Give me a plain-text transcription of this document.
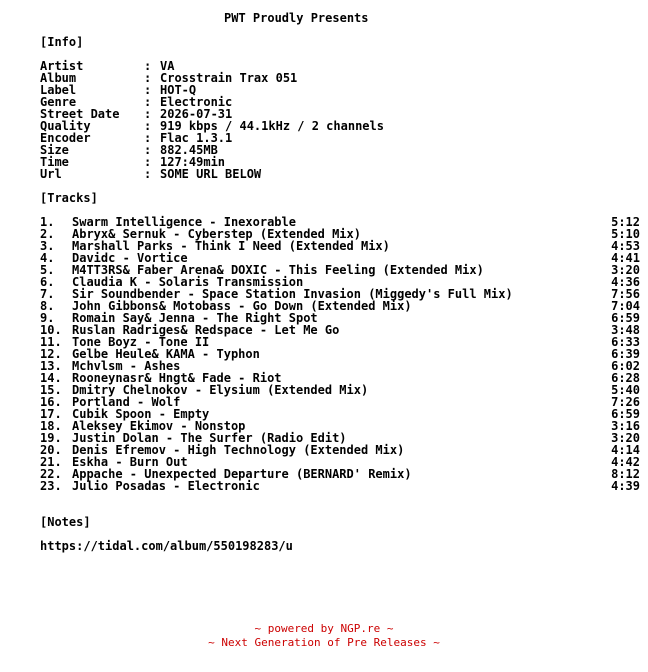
PWT Proudly Presents
[Info]
Artist	: VA
Album	: Crosstrain Trax 051
Label	: HOT-Q
Genre	: Electronic
Street Date : 2026-07-31
Quality	: 919 kbps / 44.1kHz / 2 channels
Encoder	: Flac 1.3.1
Size	: 882.45MB
Time	: 127:49min
Url	: SOME URL BELOW
[Tracks]
1. Swarm Intelligence - Inexorable	5:12
2. Abryx& Sernuk - Cyberstep (Extended Mix)	5:10
3. Marshall Parks - Think I Need (Extended Mix)	4:53
4. Davidc - Vortice	4:41
5. M4TT3RS& Faber Arena& DOXIC - This Feeling (Extended Mix)	3:20
6. Claudia K - Solaris Transmission	4:36
7. Sir Soundbender - Space Station Invasion (Miggedy's Full Mix)	7:56
8. John Gibbons& Motobass - Go Down (Extended Mix)	7:04
9. Romain Say& Jenna - The Right Spot	6:59
10. Ruslan Radriges& Redspace - Let Me Go	3:48
11. Tone Boyz - Tone II	6:33
12. Gelbe Heule& KAMA - Typhon	6:39
13. Mchvlsm - Ashes	6:02
14. Rooneynasr& Hngt& Fade - Riot	6:28
15. Dmitry Chelnokov - Elysium (Extended Mix)	5:40
16. Portland - Wolf	7:26
17. Cubik Spoon - Empty	6:59
18. Aleksey Ekimov - Nonstop	3:16
19. Justin Dolan - The Surfer (Radio Edit)	3:20
20. Denis Efremov - High Technology (Extended Mix)	4:14
21. Eskha - Burn Out	4:42
22. Appache - Unexpected Departure (BERNARD' Remix)	8:12
23. Julio Posadas - Electronic	4:39
[Notes]
https://tidal.com/album/550198283/u
~ powered by NGP.re ~
~ Next Generation of Pre Releases ~
